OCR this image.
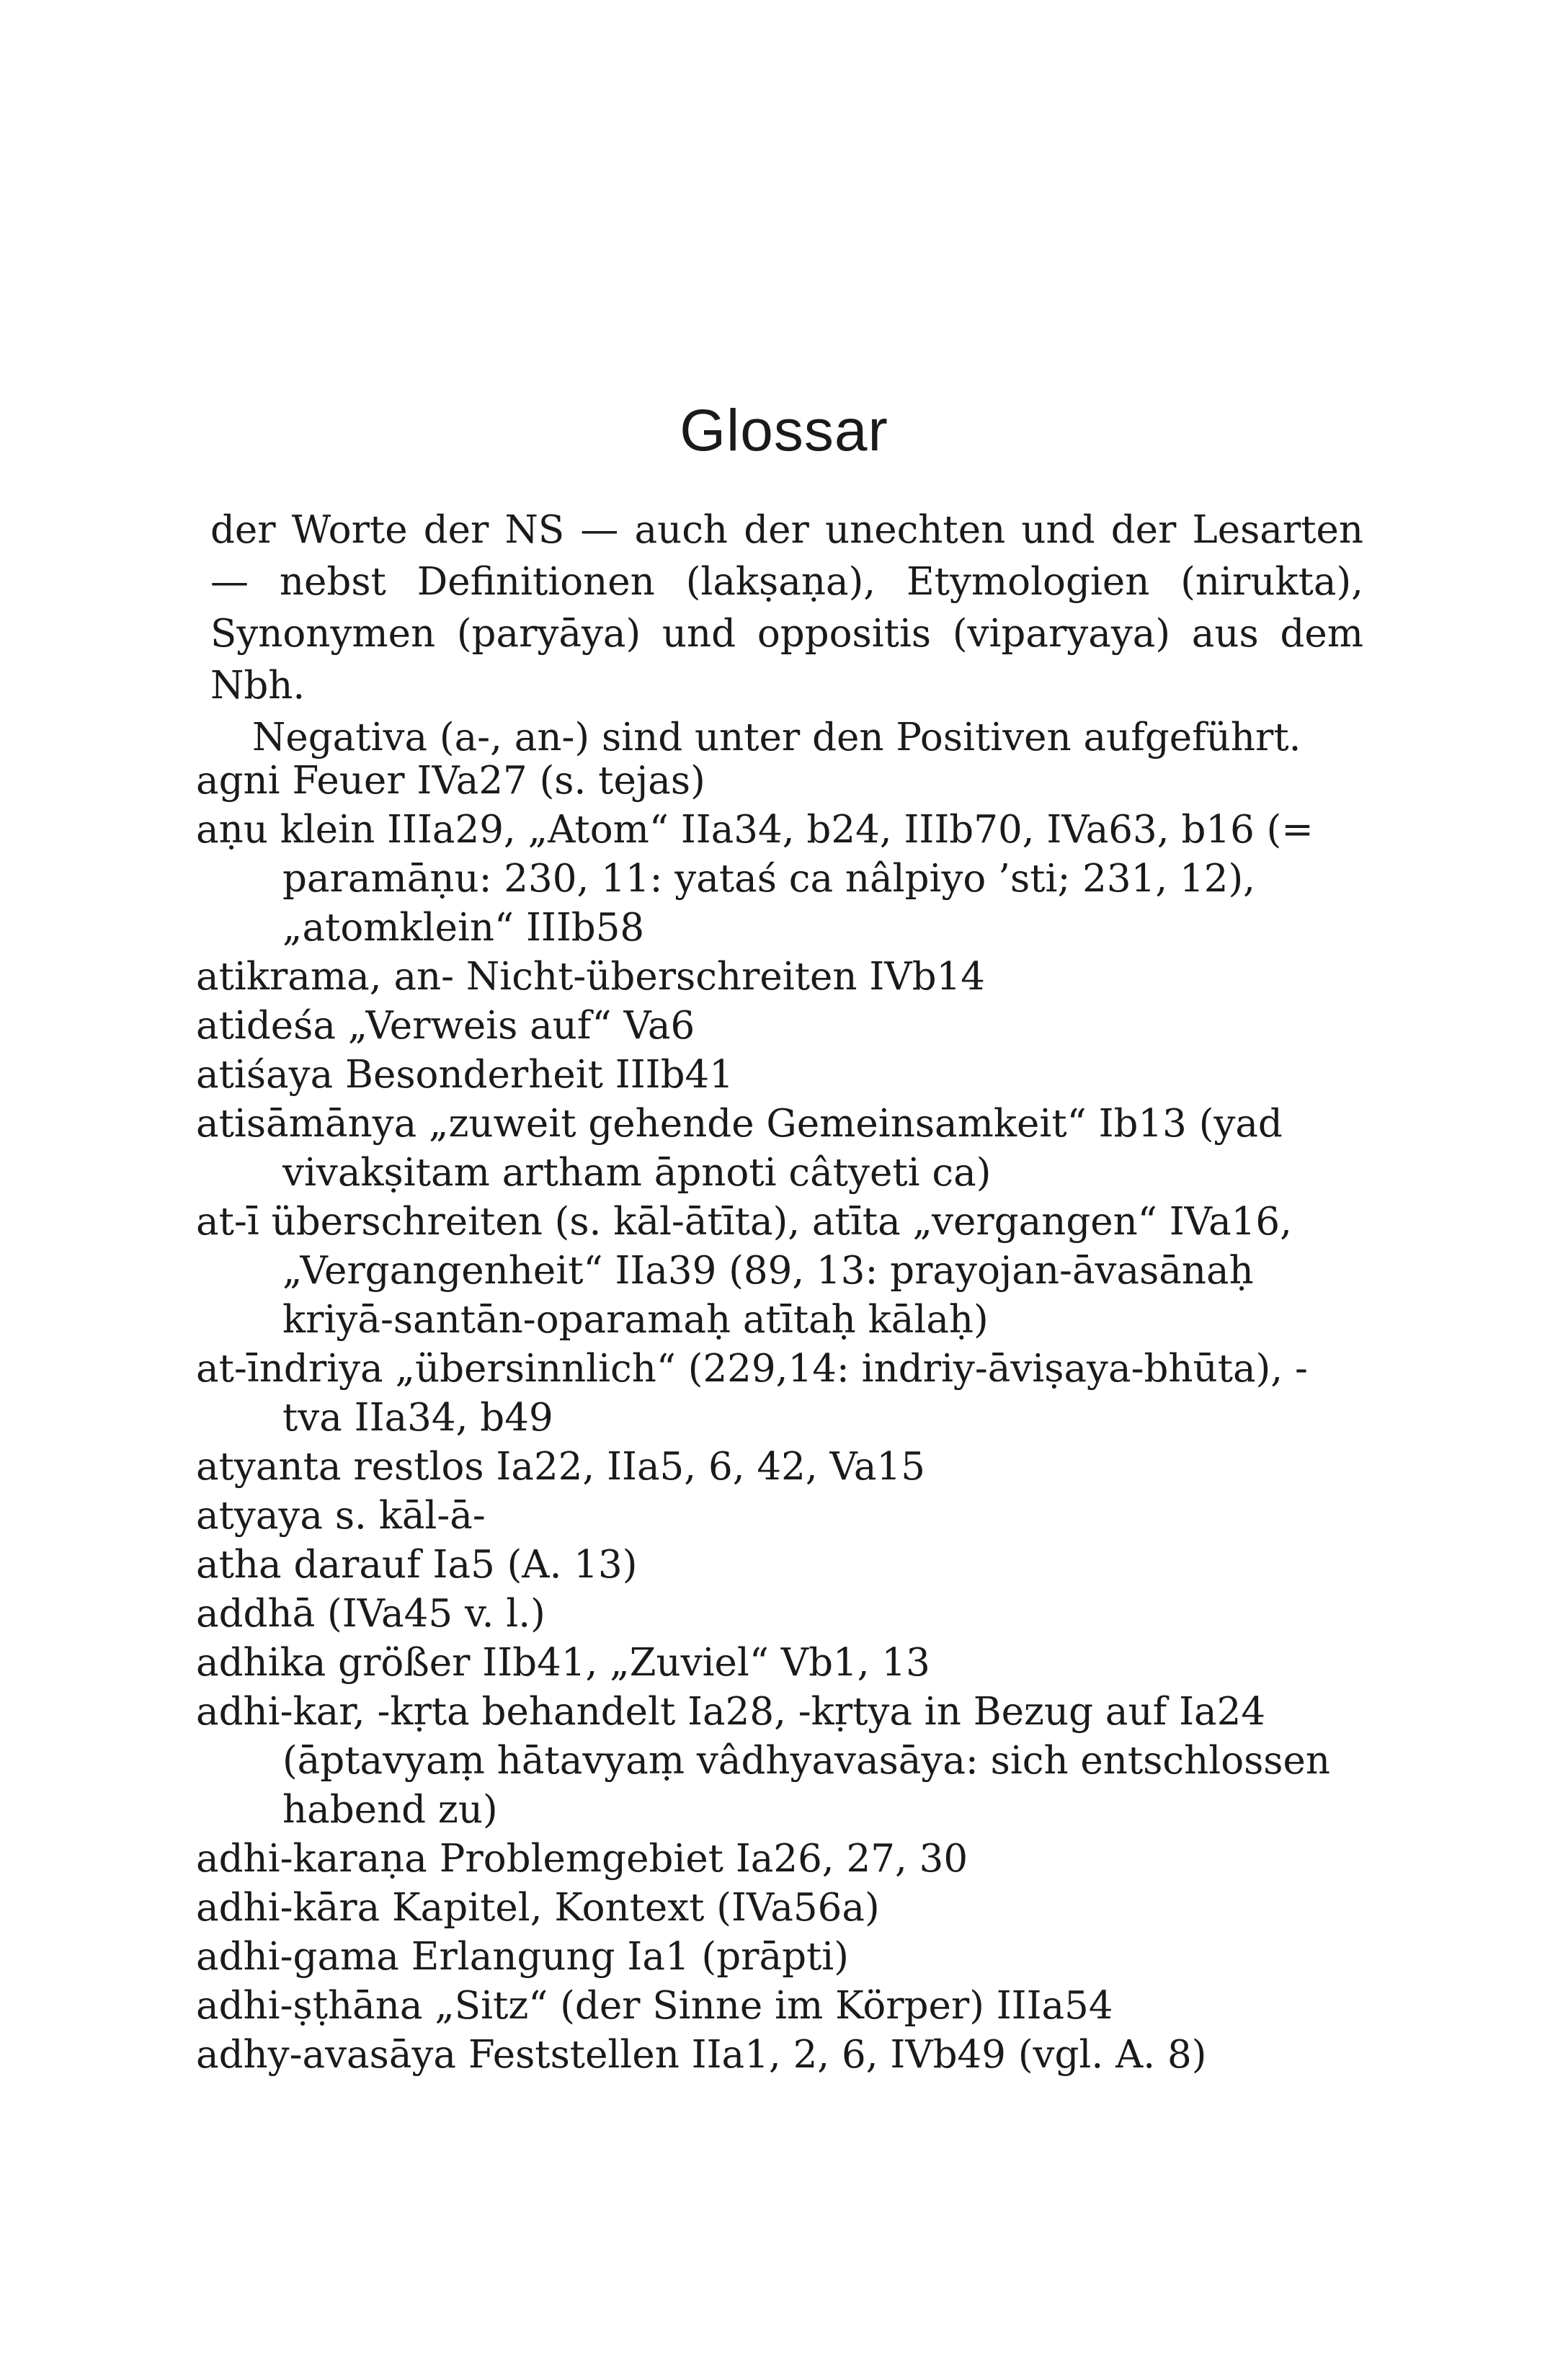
Glossar

der Worte der NS — auch der unechten und der Lesarten — nebst Definitionen (lakṣaṇa), Etymologien (nirukta), Synonymen (paryāya) und oppositis (viparyaya) aus dem Nbh.

Negativa (a-, an-) sind unter den Positiven aufgeführt.

agni Feuer IVa27 (s. tejas)

aṇu klein IIIa29, „Atom“ IIa34, b24, IIIb70, IVa63, b16 (= paramāṇu: 230, 11: yataś ca nâlpiyo ’sti; 231, 12), „atomklein“ IIIb58

atikrama, an- Nicht-überschreiten IVb14

atideśa „Verweis auf“ Va6

atiśaya Besonderheit IIIb41

atisāmānya „zuweit gehende Gemeinsamkeit“ Ib13 (yad vivakṣitam artham āpnoti câtyeti ca)

at-ī überschreiten (s. kāl-ātīta), atīta „vergangen“ IVa16, „Vergangenheit“ IIa39 (89, 13: prayojan-āvasānaḥ kriyā-santān-oparamaḥ atītaḥ kālaḥ)

at-īndriya „übersinnlich“ (229,14: indriy-āviṣaya-bhūta), -tva IIa34, b49

atyanta restlos Ia22, IIa5, 6, 42, Va15

atyaya s. kāl-ā-

atha darauf Ia5 (A. 13)

addhā (IVa45 v. l.)

adhika größer IIb41, „Zuviel“ Vb1, 13

adhi-kar, -kṛta behandelt Ia28, -kṛtya in Bezug auf Ia24 (āptavyaṃ hātavyaṃ vâdhyavasāya: sich entschlossen habend zu)

adhi-karaṇa Problemgebiet Ia26, 27, 30

adhi-kāra Kapitel, Kontext (IVa56a)

adhi-gama Erlangung Ia1 (prāpti)

adhi-ṣṭhāna „Sitz“ (der Sinne im Körper) IIIa54

adhy-avasāya Feststellen IIa1, 2, 6, IVb49 (vgl. A. 8)
